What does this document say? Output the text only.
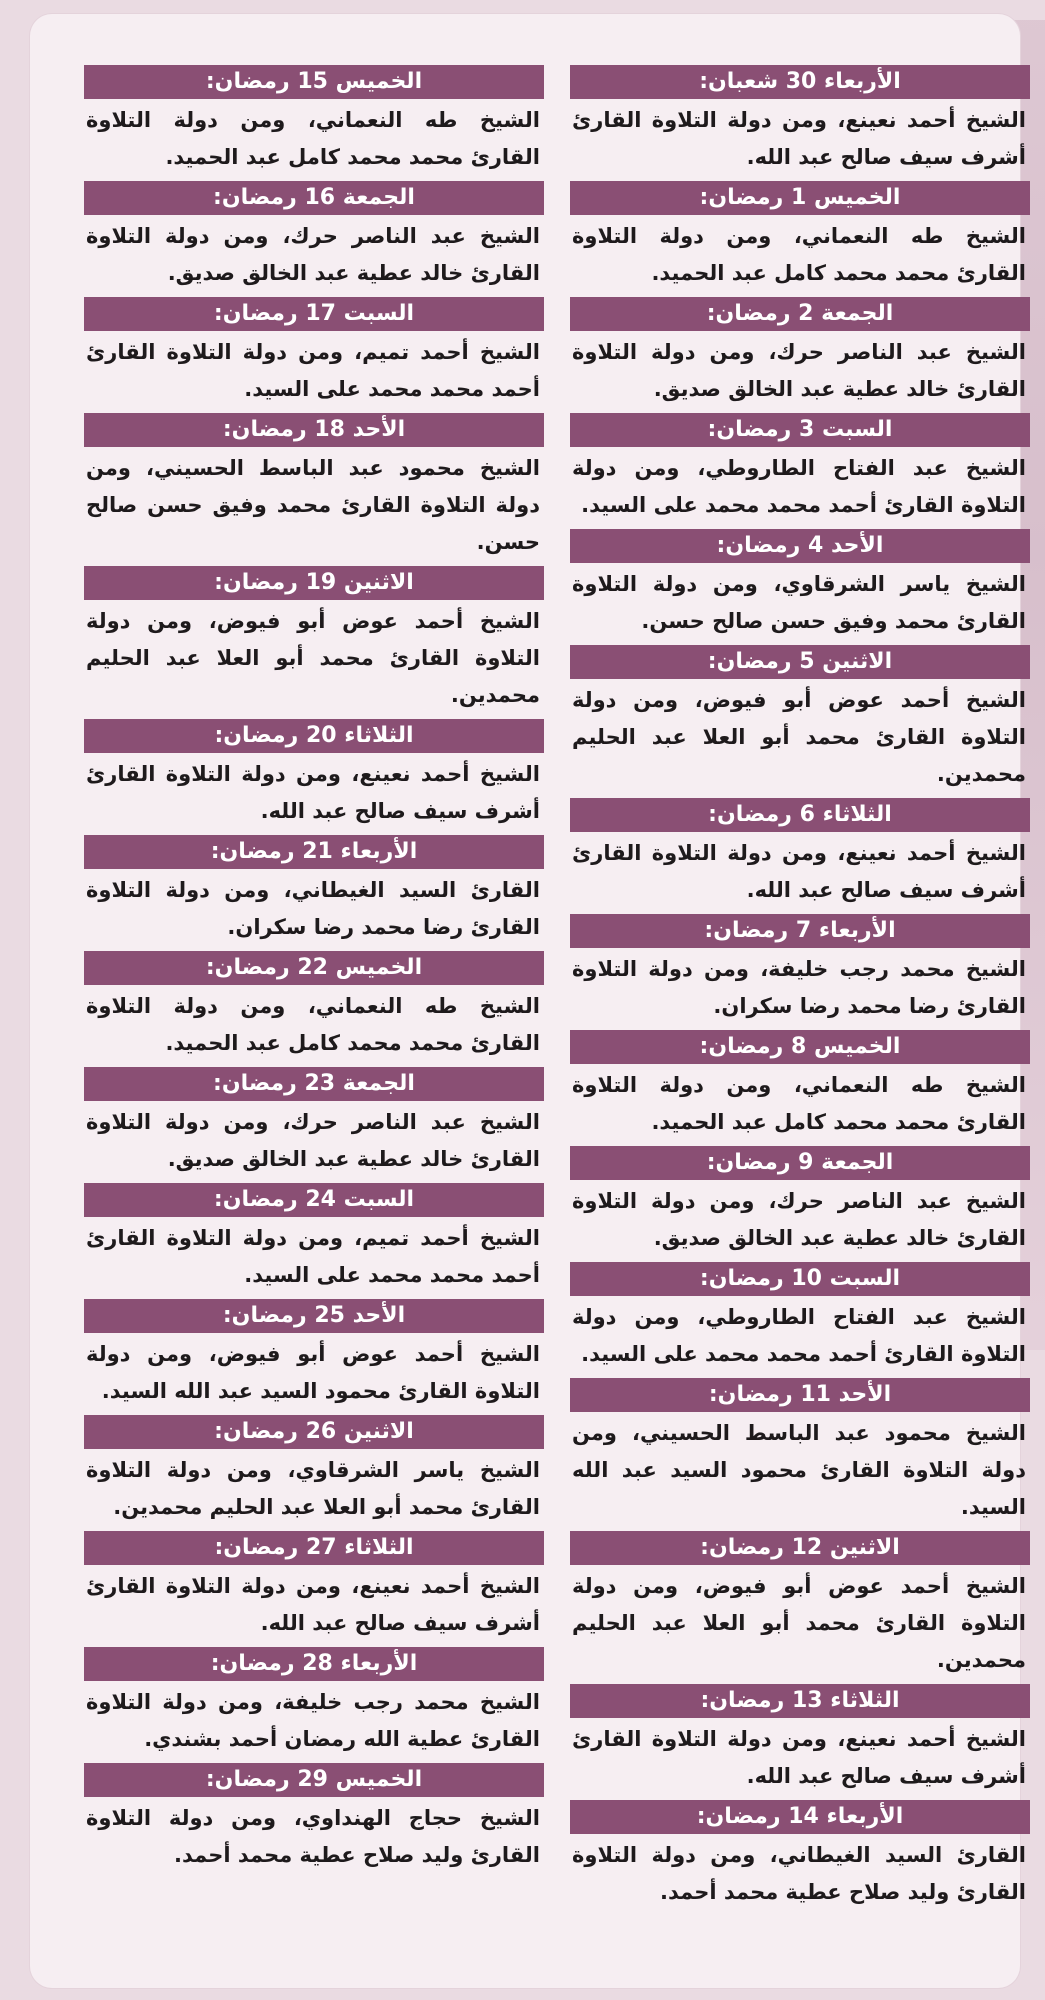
الأربعاء 30 شعبان:
الشيخ أحمد نعينع، ومن دولة التلاوة القارئ أشرف سيف صالح عبد الله.
الخميس 1 رمضان:
الشيخ طه النعماني، ومن دولة التلاوة القارئ محمد محمد كامل عبد الحميد.
الجمعة 2 رمضان:
الشيخ عبد الناصر حرك، ومن دولة التلاوة القارئ خالد عطية عبد الخالق صديق.
السبت 3 رمضان:
الشيخ عبد الفتاح الطاروطي، ومن دولة التلاوة القارئ أحمد محمد محمد على السيد.
الأحد 4 رمضان:
الشيخ ياسر الشرقاوي، ومن دولة التلاوة القارئ محمد وفيق حسن صالح حسن.
الاثنين 5 رمضان:
الشيخ أحمد عوض أبو فيوض، ومن دولة التلاوة القارئ محمد أبو العلا عبد الحليم محمدين.
الثلاثاء 6 رمضان:
الشيخ أحمد نعينع، ومن دولة التلاوة القارئ أشرف سيف صالح عبد الله.
الأربعاء 7 رمضان:
الشيخ محمد رجب خليفة، ومن دولة التلاوة القارئ رضا محمد رضا سكران.
الخميس 8 رمضان:
الشيخ طه النعماني، ومن دولة التلاوة القارئ محمد محمد كامل عبد الحميد.
الجمعة 9 رمضان:
الشيخ عبد الناصر حرك، ومن دولة التلاوة القارئ خالد عطية عبد الخالق صديق.
السبت 10 رمضان:
الشيخ عبد الفتاح الطاروطي، ومن دولة التلاوة القارئ أحمد محمد محمد على السيد.
الأحد 11 رمضان:
الشيخ محمود عبد الباسط الحسيني، ومن دولة التلاوة القارئ محمود السيد عبد الله السيد.
الاثنين 12 رمضان:
الشيخ أحمد عوض أبو فيوض، ومن دولة التلاوة القارئ محمد أبو العلا عبد الحليم محمدين.
الثلاثاء 13 رمضان:
الشيخ أحمد نعينع، ومن دولة التلاوة القارئ أشرف سيف صالح عبد الله.
الأربعاء 14 رمضان:
القارئ السيد الغيطاني، ومن دولة التلاوة القارئ وليد صلاح عطية محمد أحمد.
الخميس 15 رمضان:
الشيخ طه النعماني، ومن دولة التلاوة القارئ محمد محمد كامل عبد الحميد.
الجمعة 16 رمضان:
الشيخ عبد الناصر حرك، ومن دولة التلاوة القارئ خالد عطية عبد الخالق صديق.
السبت 17 رمضان:
الشيخ أحمد تميم، ومن دولة التلاوة القارئ أحمد محمد محمد على السيد.
الأحد 18 رمضان:
الشيخ محمود عبد الباسط الحسيني، ومن دولة التلاوة القارئ محمد وفيق حسن صالح حسن.
الاثنين 19 رمضان:
الشيخ أحمد عوض أبو فيوض، ومن دولة التلاوة القارئ محمد أبو العلا عبد الحليم محمدين.
الثلاثاء 20 رمضان:
الشيخ أحمد نعينع، ومن دولة التلاوة القارئ أشرف سيف صالح عبد الله.
الأربعاء 21 رمضان:
القارئ السيد الغيطاني، ومن دولة التلاوة القارئ رضا محمد رضا سكران.
الخميس 22 رمضان:
الشيخ طه النعماني، ومن دولة التلاوة القارئ محمد محمد كامل عبد الحميد.
الجمعة 23 رمضان:
الشيخ عبد الناصر حرك، ومن دولة التلاوة القارئ خالد عطية عبد الخالق صديق.
السبت 24 رمضان:
الشيخ أحمد تميم، ومن دولة التلاوة القارئ أحمد محمد محمد على السيد.
الأحد 25 رمضان:
الشيخ أحمد عوض أبو فيوض، ومن دولة التلاوة القارئ محمود السيد عبد الله السيد.
الاثنين 26 رمضان:
الشيخ ياسر الشرقاوي، ومن دولة التلاوة القارئ محمد أبو العلا عبد الحليم محمدين.
الثلاثاء 27 رمضان:
الشيخ أحمد نعينع، ومن دولة التلاوة القارئ أشرف سيف صالح عبد الله.
الأربعاء 28 رمضان:
الشيخ محمد رجب خليفة، ومن دولة التلاوة القارئ عطية الله رمضان أحمد بشندي.
الخميس 29 رمضان:
الشيخ حجاج الهنداوي، ومن دولة التلاوة القارئ وليد صلاح عطية محمد أحمد.
